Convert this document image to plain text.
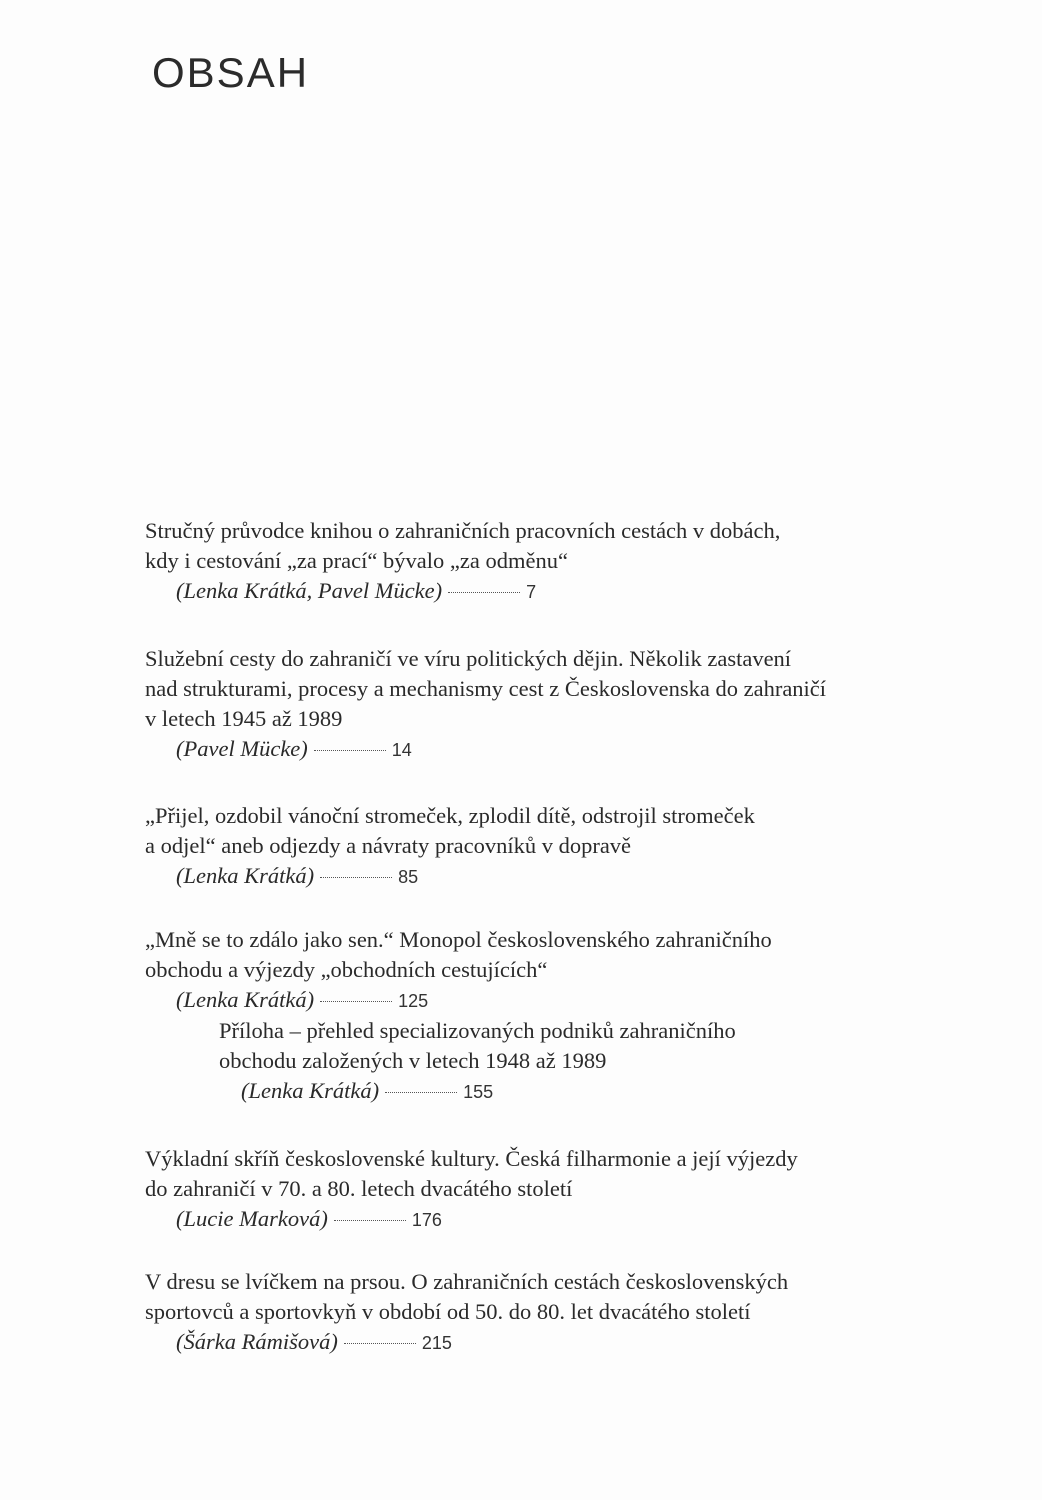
OBSAH
Stručný průvodce knihou o zahraničních pracovních cestách v dobách,
kdy i cestování „za prací“ bývalo „za odměnu“
(Lenka Krátká, Pavel Mücke)	7
Služební cesty do zahraničí ve víru politických dějin. Několik zastavení
nad strukturami, procesy a mechanismy cest z Československa do zahraničí
v letech 1945 až 1989
(Pavel Mücke)	14
„Přijel, ozdobil vánoční stromeček, zplodil dítě, odstrojil stromeček
a odjel“ aneb odjezdy a návraty pracovníků v dopravě
(Lenka Krátká)	85
„Mně se to zdálo jako sen.“ Monopol československého zahraničního
obchodu a výjezdy „obchodních cestujících“
(Lenka Krátká)	125
Příloha – přehled specializovaných podniků zahraničního
obchodu založených v letech 1948 až 1989
(Lenka Krátká)	155
Výkladní skříň československé kultury. Česká filharmonie a její výjezdy
do zahraničí v 70. a 80. letech dvacátého století
(Lucie Marková)	176
V dresu se lvíčkem na prsou. O zahraničních cestách československých
sportovců a sportovkyň v období od 50. do 80. let dvacátého století
(Šárka Rámišová)	215
